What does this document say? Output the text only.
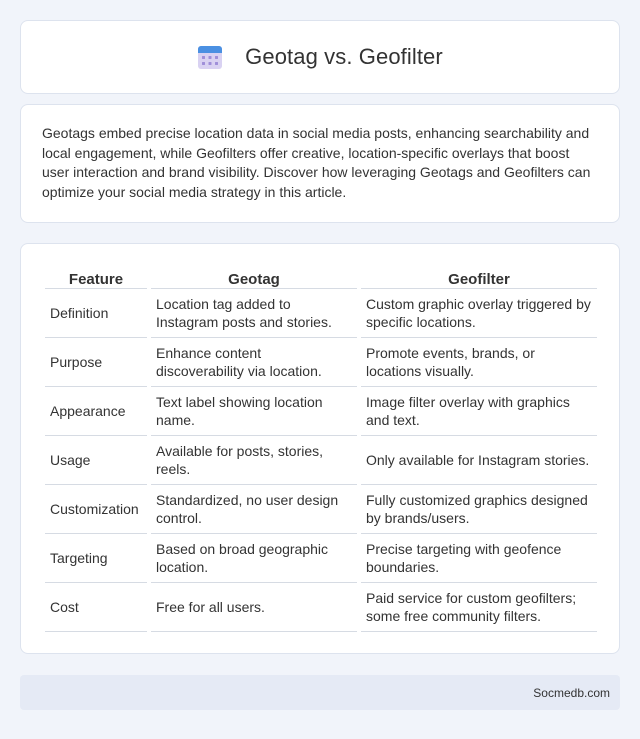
Geotag vs. Geofilter

Geotags embed precise location data in social media posts, enhancing searchability and local engagement, while Geofilters offer creative, location-specific overlays that boost user interaction and brand visibility. Discover how leveraging Geotags and Geofilters can optimize your social media strategy in this article.

Feature	Geotag	Geofilter
Definition	Location tag added to Instagram posts and stories.	Custom graphic overlay triggered by specific locations.
Purpose	Enhance content discoverability via location.	Promote events, brands, or locations visually.
Appearance	Text label showing location name.	Image filter overlay with graphics and text.
Usage	Available for posts, stories, reels.	Only available for Instagram stories.
Customization	Standardized, no user design control.	Fully customized graphics designed by brands/users.
Targeting	Based on broad geographic location.	Precise targeting with geofence boundaries.
Cost	Free for all users.	Paid service for custom geofilters; some free community filters.
Socmedb.com
